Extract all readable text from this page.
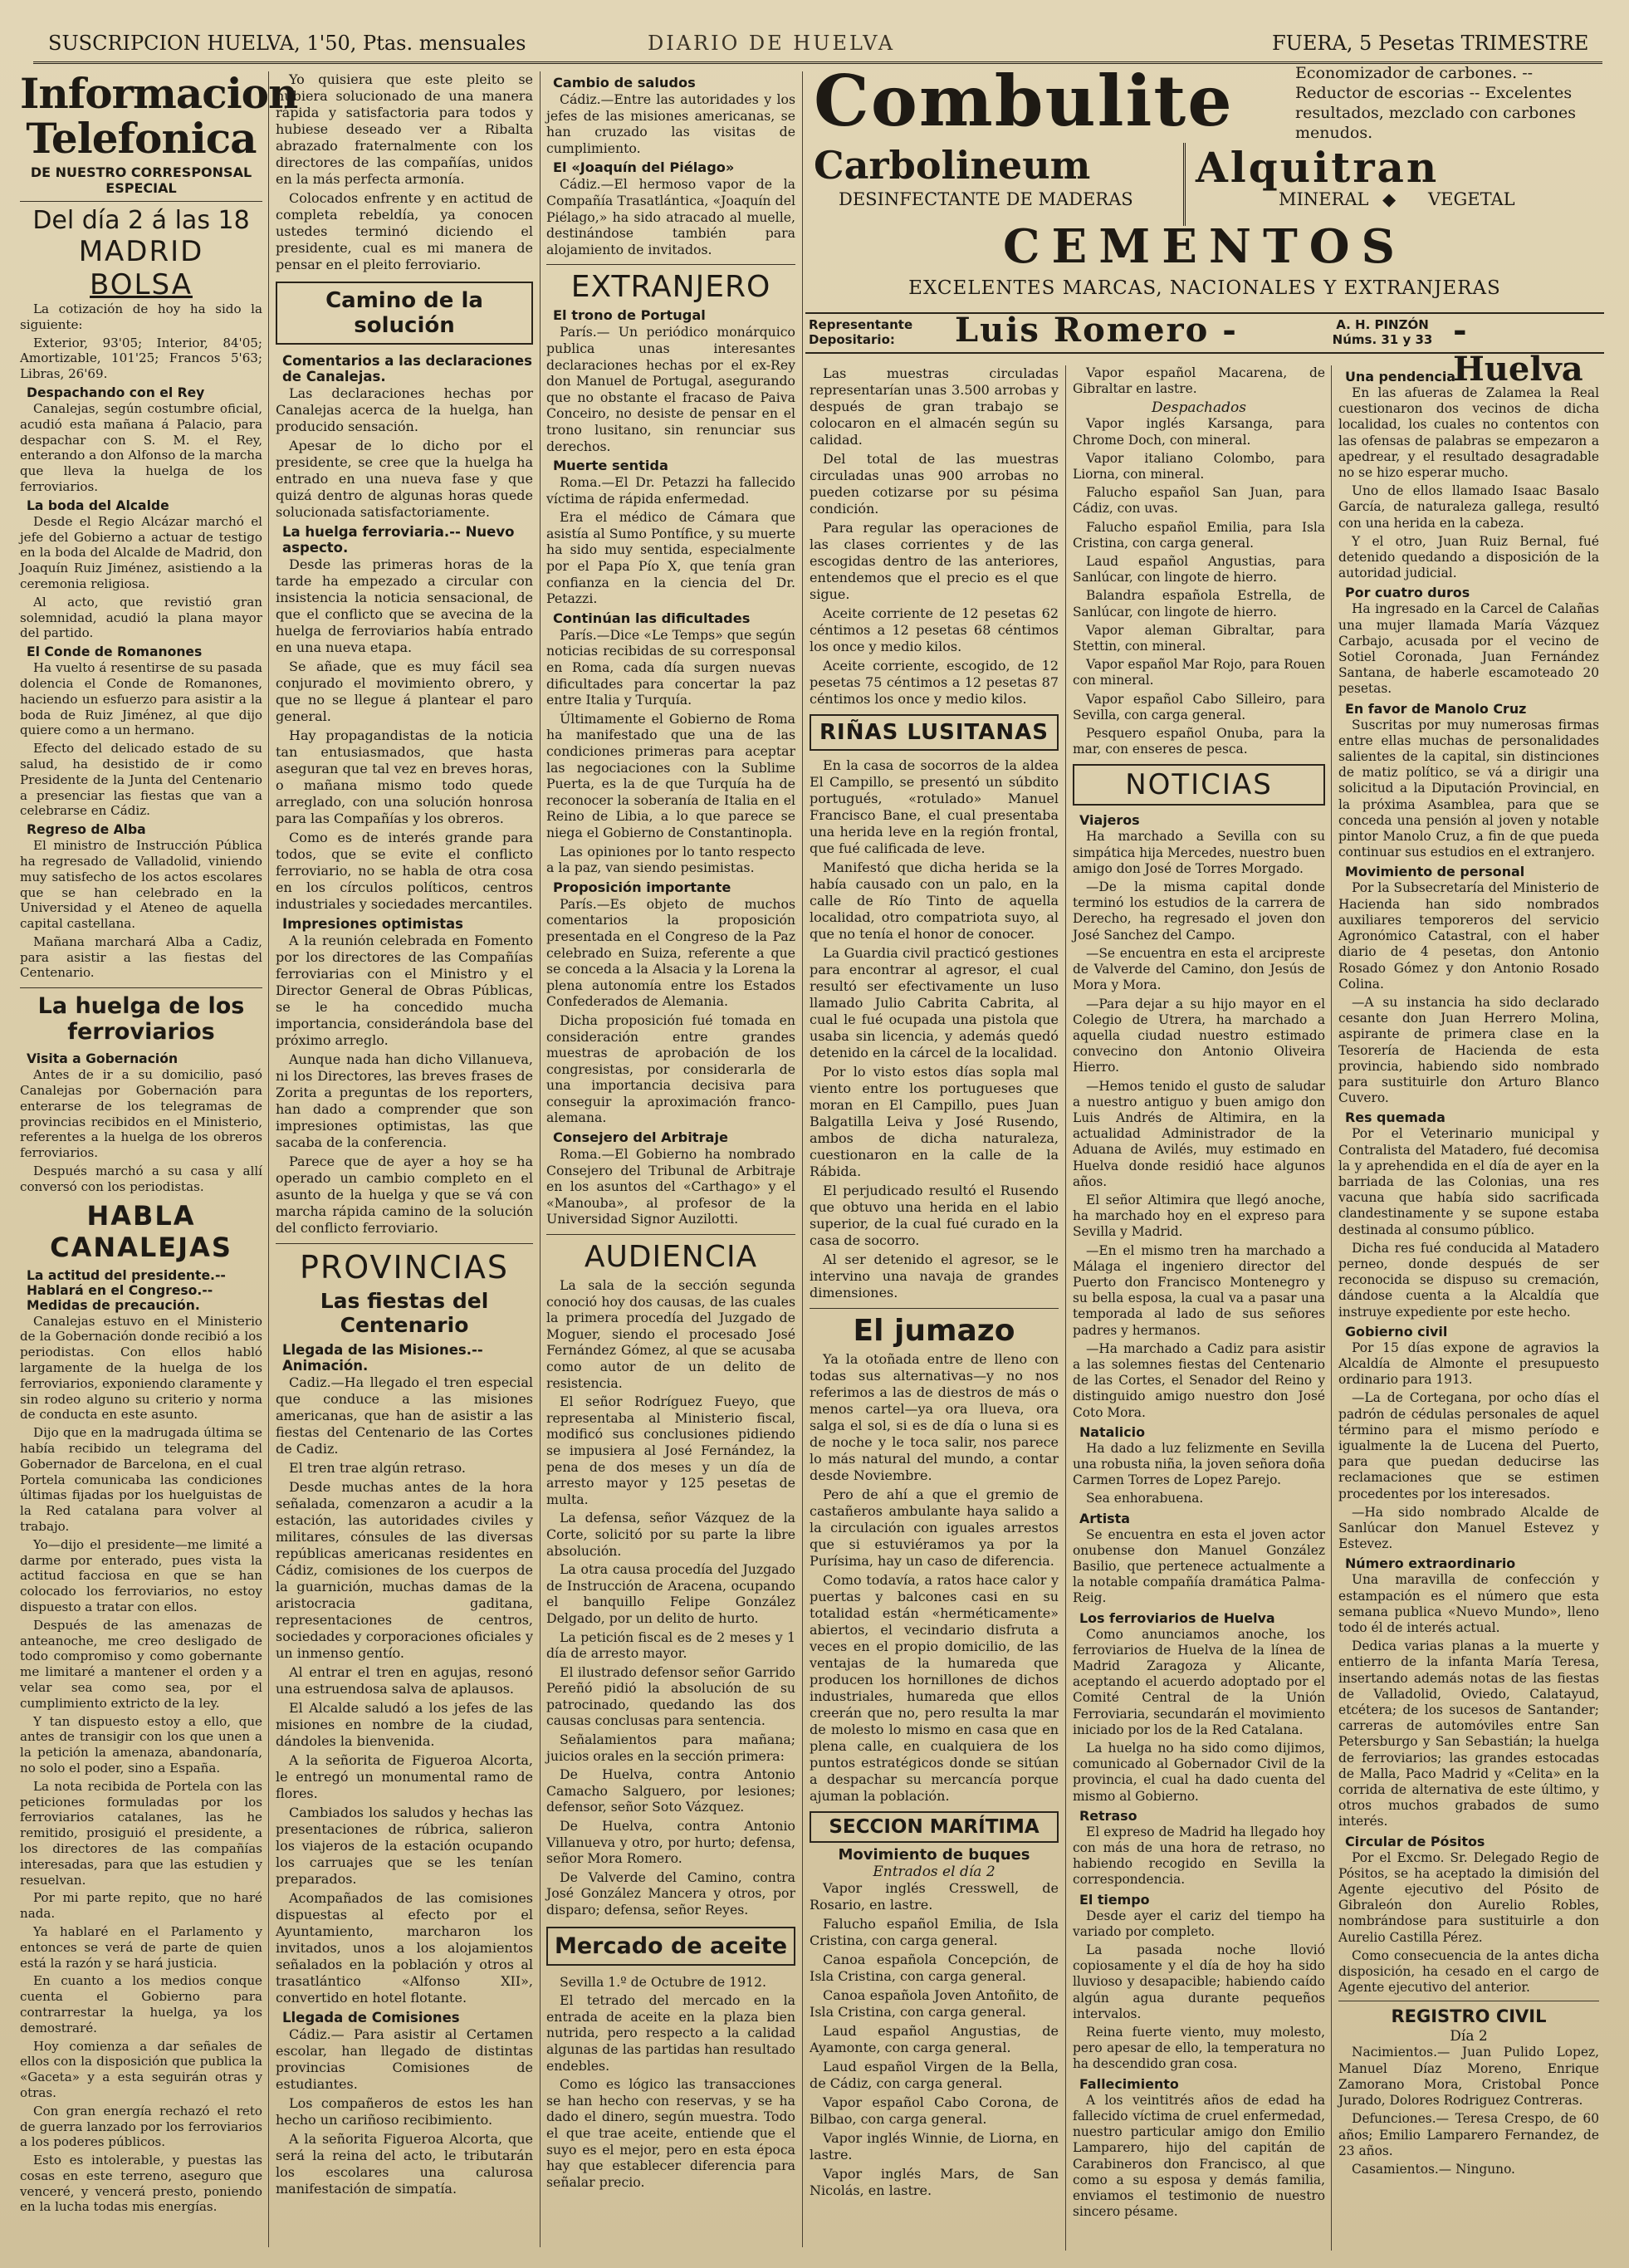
SUSCRIPCION HUELVA, 1'50, Ptas. mensuales	DIARIO DE HUELVA	FUERA, 5 Pesetas TRIMESTRE
Informacion Telefonica
DE NUESTRO CORRESPONSAL ESPECIAL
Del día 2 á las 18
MADRID
BOLSA

La cotización de hoy ha sido la siguiente:

Exterior, 93'05; Interior, 84'05; Amortizable, 101'25; Francos 5'63; Libras, 26'69.

Despachando con el Rey

Canalejas, según costumbre oficial, acudió esta mañana á Palacio, para despachar con S. M. el Rey, enterando a don Alfonso de la marcha que lleva la huelga de los ferroviarios.

La boda del Alcalde

Desde el Regio Alcázar marchó el jefe del Gobierno a actuar de testigo en la boda del Alcalde de Madrid, don Joaquín Ruiz Jiménez, asistiendo a la ceremonia religiosa.

Al acto, que revistió gran solemnidad, acudió la plana mayor del partido.

El Conde de Romanones

Ha vuelto á resentirse de su pasada dolencia el Conde de Romanones, haciendo un esfuerzo para asistir a la boda de Ruiz Jiménez, al que dijo quiere como a un hermano.

Efecto del delicado estado de su salud, ha desistido de ir como Presidente de la Junta del Centenario a presenciar las fiestas que van a celebrarse en Cádiz.

Regreso de Alba

El ministro de Instrucción Pública ha regresado de Valladolid, viniendo muy satisfecho de los actos escolares que se han celebrado en la Universidad y el Ateneo de aquella capital castellana.

Mañana marchará Alba a Cadiz, para asistir a las fiestas del Centenario.

La huelga de los ferroviarios
Visita a Gobernación

Antes de ir a su domicilio, pasó Canalejas por Gobernación para enterarse de los telegramas de provincias recibidos en el Ministerio, referentes a la huelga de los obreros ferroviarios.

Después marchó a su casa y allí conversó con los periodistas.

HABLA CANALEJAS
La actitud del presidente.-- Hablará en el Congreso.-- Medidas de precaución.

Canalejas estuvo en el Ministerio de la Gobernación donde recibió a los periodistas. Con ellos habló largamente de la huelga de los ferroviarios, exponiendo claramente y sin rodeo alguno su criterio y norma de conducta en este asunto.

Dijo que en la madrugada última se había recibido un telegrama del Gobernador de Barcelona, en el cual Portela comunicaba las condiciones últimas fijadas por los huelguistas de la Red catalana para volver al trabajo.

Yo—dijo el presidente—me limité a darme por enterado, pues vista la actitud facciosa en que se han colocado los ferroviarios, no estoy dispuesto a tratar con ellos.

Después de las amenazas de anteanoche, me creo desligado de todo compromiso y como gobernante me limitaré a mantener el orden y a velar sea como sea, por el cumplimiento extricto de la ley.

Y tan dispuesto estoy a ello, que antes de transigir con los que unen a la petición la amenaza, abandonaría, no solo el poder, sino a España.

La nota recibida de Portela con las peticiones formuladas por los ferroviarios catalanes, las he remitido, prosiguió el presidente, a los directores de las compañías interesadas, para que las estudien y resuelvan.

Por mi parte repito, que no haré nada.

Ya hablaré en el Parlamento y entonces se verá de parte de quien está la razón y se hará justicia.

En cuanto a los medios conque cuenta el Gobierno para contrarrestar la huelga, ya los demostraré.

Hoy comienza a dar señales de ellos con la disposición que publica la «Gaceta» y a esta seguirán otras y otras.

Con gran energía rechazó el reto de guerra lanzado por los ferroviarios a los poderes públicos.

Esto es intolerable, y puestas las cosas en este terreno, aseguro que venceré, y vencerá presto, poniendo en la lucha todas mis energías.

Yo quisiera que este pleito se hubiera solucionado de una manera rápida y satisfactoria para todos y hubiese deseado ver a Ribalta abrazado fraternalmente con los directores de las compañías, unidos en la más perfecta armonía.

Colocados enfrente y en actitud de completa rebeldía, ya conocen ustedes terminó diciendo el presidente, cual es mi manera de pensar en el pleito ferroviario.

Camino de la solución
Comentarios a las declaraciones de Canalejas.

Las declaraciones hechas por Canalejas acerca de la huelga, han producido sensación.

Apesar de lo dicho por el presidente, se cree que la huelga ha entrado en una nueva fase y que quizá dentro de algunas horas quede solucionada satisfactoriamente.

La huelga ferroviaria.-- Nuevo aspecto.

Desde las primeras horas de la tarde ha empezado a circular con insistencia la noticia sensacional, de que el conflicto que se avecina de la huelga de ferroviarios había entrado en una nueva etapa.

Se añade, que es muy fácil sea conjurado el movimiento obrero, y que no se llegue á plantear el paro general.

Hay propagandistas de la noticia tan entusiasmados, que hasta aseguran que tal vez en breves horas, o mañana mismo todo quede arreglado, con una solución honrosa para las Compañías y los obreros.

Como es de interés grande para todos, que se evite el conflicto ferroviario, no se habla de otra cosa en los círculos políticos, centros industriales y sociedades mercantiles.

Impresiones optimistas

A la reunión celebrada en Fomento por los directores de las Compañías ferroviarias con el Ministro y el Director General de Obras Públicas, se le ha concedido mucha importancia, considerándola base del próximo arreglo.

Aunque nada han dicho Villanueva, ni los Directores, las breves frases de Zorita a preguntas de los reporters, han dado a comprender que son impresiones optimistas, las que sacaba de la conferencia.

Parece que de ayer a hoy se ha operado un cambio completo en el asunto de la huelga y que se vá con marcha rápida camino de la solución del conflicto ferroviario.

PROVINCIAS
Las fiestas del Centenario
Llegada de las Misiones.-- Animación.

Cadiz.—Ha llegado el tren especial que conduce a las misiones americanas, que han de asistir a las fiestas del Centenario de las Cortes de Cadiz.

El tren trae algún retraso.

Desde muchas antes de la hora señalada, comenzaron a acudir a la estación, las autoridades civiles y militares, cónsules de las diversas repúblicas americanas residentes en Cádiz, comisiones de los cuerpos de la guarnición, muchas damas de la aristocracia gaditana, representaciones de centros, sociedades y corporaciones oficiales y un inmenso gentío.

Al entrar el tren en agujas, resonó una estruendosa salva de aplausos.

El Alcalde saludó a los jefes de las misiones en nombre de la ciudad, dándoles la bienvenida.

A la señorita de Figueroa Alcorta, le entregó un monumental ramo de flores.

Cambiados los saludos y hechas las presentaciones de rúbrica, salieron los viajeros de la estación ocupando los carruajes que se les tenían preparados.

Acompañados de las comisiones dispuestas al efecto por el Ayuntamiento, marcharon los invitados, unos a los alojamientos señalados en la población y otros al trasatlántico «Alfonso XII», convertido en hotel flotante.

Llegada de Comisiones

Cádiz.— Para asistir al Certamen escolar, han llegado de distintas provincias Comisiones de estudiantes.

Los compañeros de estos les han hecho un cariñoso recibimiento.

A la señorita Figueroa Alcorta, que será la reina del acto, le tributarán los escolares una calurosa manifestación de simpatía.

Cambio de saludos

Cádiz.—Entre las autoridades y los jefes de las misiones americanas, se han cruzado las visitas de cumplimiento.

El «Joaquín del Piélago»

Cádiz.—El hermoso vapor de la Compañía Trasatlántica, «Joaquín del Piélago,» ha sido atracado al muelle, destinándose también para alojamiento de invitados.

EXTRANJERO
El trono de Portugal

París.— Un periódico monárquico publica unas interesantes declaraciones hechas por el ex-Rey don Manuel de Portugal, asegurando que no obstante el fracaso de Paiva Conceiro, no desiste de pensar en el trono lusitano, sin renunciar sus derechos.

Muerte sentida

Roma.—El Dr. Petazzi ha fallecido víctima de rápida enfermedad.

Era el médico de Cámara que asistía al Sumo Pontífice, y su muerte ha sido muy sentida, especialmente por el Papa Pío X, que tenía gran confianza en la ciencia del Dr. Petazzi.

Continúan las dificultades

París.—Dice «Le Temps» que según noticias recibidas de su corresponsal en Roma, cada día surgen nuevas dificultades para concertar la paz entre Italia y Turquía.

Últimamente el Gobierno de Roma ha manifestado que una de las condiciones primeras para aceptar las negociaciones con la Sublime Puerta, es la de que Turquía ha de reconocer la soberanía de Italia en el Reino de Libia, a lo que parece se niega el Gobierno de Constantinopla.

Las opiniones por lo tanto respecto a la paz, van siendo pesimistas.

Proposición importante

París.—Es objeto de muchos comentarios la proposición presentada en el Congreso de la Paz celebrado en Suiza, referente a que se conceda a la Alsacia y la Lorena la plena autonomía entre los Estados Confederados de Alemania.

Dicha proposición fué tomada en consideración entre grandes muestras de aprobación de los congresistas, por considerarla de una importancia decisiva para conseguir la aproximación franco-alemana.

Consejero del Arbitraje

Roma.—El Gobierno ha nombrado Consejero del Tribunal de Arbitraje en los asuntos del «Carthago» y el «Manouba», al profesor de la Universidad Signor Auzilotti.

AUDIENCIA

La sala de la sección segunda conoció hoy dos causas, de las cuales la primera procedía del Juzgado de Moguer, siendo el procesado José Fernández Gómez, al que se acusaba como autor de un delito de resistencia.

El señor Rodríguez Fueyo, que representaba al Ministerio fiscal, modificó sus conclusiones pidiendo se impusiera al José Fernández, la pena de dos meses y un día de arresto mayor y 125 pesetas de multa.

La defensa, señor Vázquez de la Corte, solicitó por su parte la libre absolución.

La otra causa procedía del Juzgado de Instrucción de Aracena, ocupando el banquillo Felipe González Delgado, por un delito de hurto.

La petición fiscal es de 2 meses y 1 día de arresto mayor.

El ilustrado defensor señor Garrido Pereñó pidió la absolución de su patrocinado, quedando las dos causas conclusas para sentencia.

Señalamientos para mañana; juicios orales en la sección primera:

De Huelva, contra Antonio Camacho Salguero, por lesiones; defensor, señor Soto Vázquez.

De Huelva, contra Antonio Villanueva y otro, por hurto; defensa, señor Mora Romero.

De Valverde del Camino, contra José González Mancera y otros, por disparo; defensa, señor Reyes.

Mercado de aceite

Sevilla 1.º de Octubre de 1912.

El tetrado del mercado en la entrada de aceite en la plaza bien nutrida, pero respecto a la calidad algunas de las partidas han resultado endebles.

Como es lógico las transacciones se han hecho con reservas, y se ha dado el dinero, según muestra. Todo el que trae aceite, entiende que el suyo es el mejor, pero en esta época hay que establecer diferencia para señalar precio.

Combulite	Economizador de carbones. -- Reductor de escorias -- Excelentes resultados, mezclado con carbones menudos.
Carbolineum
DESINFECTANTE DE MADERAS
Alquitran
MINERAL ◆ VEGETAL
CEMENTOS
EXCELENTES MARCAS, NACIONALES Y EXTRANJERAS
Representante Depositario:	Luis Romero -	A. H. PINZÓN Núms. 31 y 33 - Huelva

Las muestras circuladas representarían unas 3.500 arrobas y después de gran trabajo se colocaron en el almacén según su calidad.

Del total de las muestras circuladas unas 900 arrobas no pueden cotizarse por su pésima condición.

Para regular las operaciones de las clases corrientes y de las escogidas dentro de las anteriores, entendemos que el precio es el que sigue.

Aceite corriente de 12 pesetas 62 céntimos a 12 pesetas 68 céntimos los once y medio kilos.

Aceite corriente, escogido, de 12 pesetas 75 céntimos a 12 pesetas 87 céntimos los once y medio kilos.

RIÑAS LUSITANAS

En la casa de socorros de la aldea El Campillo, se presentó un súbdito portugués, «rotulado» Manuel Francisco Bane, el cual presentaba una herida leve en la región frontal, que fué calificada de leve.

Manifestó que dicha herida se la había causado con un palo, en la calle de Río Tinto de aquella localidad, otro compatriota suyo, al que no tenía el honor de conocer.

La Guardia civil practicó gestiones para encontrar al agresor, el cual resultó ser efectivamente un luso llamado Julio Cabrita Cabrita, al cual le fué ocupada una pistola que usaba sin licencia, y además quedó detenido en la cárcel de la localidad.

Por lo visto estos días sopla mal viento entre los portugueses que moran en El Campillo, pues Juan Balgatilla Leiva y José Rusendo, ambos de dicha naturaleza, cuestionaron en la calle de la Rábida.

El perjudicado resultó el Rusendo que obtuvo una herida en el labio superior, de la cual fué curado en la casa de socorro.

Al ser detenido el agresor, se le intervino una navaja de grandes dimensiones.

El jumazo

Ya la otoñada entre de lleno con todas sus alternativas—y no nos referimos a las de diestros de más o menos cartel—ya ora llueva, ora salga el sol, si es de día o luna si es de noche y le toca salir, nos parece lo más natural del mundo, a contar desde Noviembre.

Pero de ahí a que el gremio de castañeros ambulante haya salido a la circulación con iguales arrestos que si estuviéramos ya por la Purísima, hay un caso de diferencia.

Como todavía, a ratos hace calor y puertas y balcones casi en su totalidad están «herméticamente» abiertos, el vecindario disfruta a veces en el propio domicilio, de las ventajas de la humareda que producen los hornillones de dichos industriales, humareda que ellos creerán que no, pero resulta la mar de molesto lo mismo en casa que en plena calle, en cualquiera de los puntos estratégicos donde se sitúan a despachar su mercancía porque ajuman la población.

SECCION MARÍTIMA
Movimiento de buques
Entrados el día 2

Vapor inglés Cresswell, de Rosario, en lastre.

Falucho español Emilia, de Isla Cristina, con carga general.

Canoa española Concepción, de Isla Cristina, con carga general.

Canoa española Joven Antoñito, de Isla Cristina, con carga general.

Laud español Angustias, de Ayamonte, con carga general.

Laud español Virgen de la Bella, de Cádiz, con carga general.

Vapor español Cabo Corona, de Bilbao, con carga general.

Vapor inglés Winnie, de Liorna, en lastre.

Vapor inglés Mars, de San Nicolás, en lastre.

Vapor español Macarena, de Gibraltar en lastre.

Despachados

Vapor inglés Karsanga, para Chrome Doch, con mineral.

Vapor italiano Colombo, para Liorna, con mineral.

Falucho español San Juan, para Cádiz, con uvas.

Falucho español Emilia, para Isla Cristina, con carga general.

Laud español Angustias, para Sanlúcar, con lingote de hierro.

Balandra española Estrella, de Sanlúcar, con lingote de hierro.

Vapor aleman Gibraltar, para Stettin, con mineral.

Vapor español Mar Rojo, para Rouen con mineral.

Vapor español Cabo Silleiro, para Sevilla, con carga general.

Pesquero español Onuba, para la mar, con enseres de pesca.

NOTICIAS
Viajeros

Ha marchado a Sevilla con su simpática hija Mercedes, nuestro buen amigo don José de Torres Morgado.

—De la misma capital donde terminó los estudios de la carrera de Derecho, ha regresado el joven don José Sanchez del Campo.

—Se encuentra en esta el arcipreste de Valverde del Camino, don Jesús de Mora y Mora.

—Para dejar a su hijo mayor en el Colegio de Utrera, ha marchado a aquella ciudad nuestro estimado convecino don Antonio Oliveira Hierro.

—Hemos tenido el gusto de saludar a nuestro antiguo y buen amigo don Luis Andrés de Altimira, en la actualidad Administrador de la Aduana de Avilés, muy estimado en Huelva donde residió hace algunos años.

El señor Altimira que llegó anoche, ha marchado hoy en el expreso para Sevilla y Madrid.

—En el mismo tren ha marchado a Málaga el ingeniero director del Puerto don Francisco Montenegro y su bella esposa, la cual va a pasar una temporada al lado de sus señores padres y hermanos.

—Ha marchado a Cadiz para asistir a las solemnes fiestas del Centenario de las Cortes, el Senador del Reino y distinguido amigo nuestro don José Coto Mora.

Natalicio

Ha dado a luz felizmente en Sevilla una robusta niña, la joven señora doña Carmen Torres de Lopez Parejo.

Sea enhorabuena.

Artista

Se encuentra en esta el joven actor onubense don Manuel González Basilio, que pertenece actualmente a la notable compañía dramática Palma-Reig.

Los ferroviarios de Huelva

Como anunciamos anoche, los ferroviarios de Huelva de la línea de Madrid Zaragoza y Alicante, aceptando el acuerdo adoptado por el Comité Central de la Unión Ferroviaria, secundarán el movimiento iniciado por los de la Red Catalana.

La huelga no ha sido como dijimos, comunicado al Gobernador Civil de la provincia, el cual ha dado cuenta del mismo al Gobierno.

Retraso

El expreso de Madrid ha llegado hoy con más de una hora de retraso, no habiendo recogido en Sevilla la correspondencia.

El tiempo

Desde ayer el cariz del tiempo ha variado por completo.

La pasada noche llovió copiosamente y el día de hoy ha sido lluvioso y desapacible; habiendo caído algún agua durante pequeños intervalos.

Reina fuerte viento, muy molesto, pero apesar de ello, la temperatura no ha descendido gran cosa.

Fallecimiento

A los veintitrés años de edad ha fallecido víctima de cruel enfermedad, nuestro particular amigo don Emilio Lamparero, hijo del capitán de Carabineros don Francisco, al que como a su esposa y demás familia, enviamos el testimonio de nuestro sincero pésame.

Una pendencia

En las afueras de Zalamea la Real cuestionaron dos vecinos de dicha localidad, los cuales no contentos con las ofensas de palabras se empezaron a apedrear, y el resultado desagradable no se hizo esperar mucho.

Uno de ellos llamado Isaac Basalo García, de naturaleza gallega, resultó con una herida en la cabeza.

Y el otro, Juan Ruiz Bernal, fué detenido quedando a disposición de la autoridad judicial.

Por cuatro duros

Ha ingresado en la Carcel de Calañas una mujer llamada María Vázquez Carbajo, acusada por el vecino de Sotiel Coronada, Juan Fernández Santana, de haberle escamoteado 20 pesetas.

En favor de Manolo Cruz

Suscritas por muy numerosas firmas entre ellas muchas de personalidades salientes de la capital, sin distinciones de matiz político, se vá a dirigir una solicitud a la Diputación Provincial, en la próxima Asamblea, para que se conceda una pensión al joven y notable pintor Manolo Cruz, a fin de que pueda continuar sus estudios en el extranjero.

Movimiento de personal

Por la Subsecretaría del Ministerio de Hacienda han sido nombrados auxiliares temporeros del servicio Agronómico Catastral, con el haber diario de 4 pesetas, don Antonio Rosado Gómez y don Antonio Rosado Colina.

—A su instancia ha sido declarado cesante don Juan Herrero Molina, aspirante de primera clase en la Tesorería de Hacienda de esta provincia, habiendo sido nombrado para sustituirle don Arturo Blanco Cuvero.

Res quemada

Por el Veterinario municipal y Contralista del Matadero, fué decomisa la y aprehendida en el día de ayer en la barriada de las Colonias, una res vacuna que había sido sacrificada clandestinamente y se supone estaba destinada al consumo público.

Dicha res fué conducida al Matadero perneo, donde después de ser reconocida se dispuso su cremación, dándose cuenta a la Alcaldía que instruye expediente por este hecho.

Gobierno civil

Por 15 días expone de agravios la Alcaldía de Almonte el presupuesto ordinario para 1913.

—La de Cortegana, por ocho días el padrón de cédulas personales de aquel término para el mismo período e igualmente la de Lucena del Puerto, para que puedan deducirse las reclamaciones que se estimen procedentes por los interesados.

—Ha sido nombrado Alcalde de Sanlúcar don Manuel Estevez y Estevez.

Número extraordinario

Una maravilla de confección y estampación es el número que esta semana publica «Nuevo Mundo», lleno todo él de interés actual.

Dedica varias planas a la muerte y entierro de la infanta María Teresa, insertando además notas de las fiestas de Valladolid, Oviedo, Calatayud, etcétera; de los sucesos de Santander; carreras de automóviles entre San Petersburgo y San Sebastián; la huelga de ferroviarios; las grandes estocadas de Malla, Paco Madrid y «Celita» en la corrida de alternativa de este último, y otros muchos grabados de sumo interés.

Circular de Pósitos

Por el Excmo. Sr. Delegado Regio de Pósitos, se ha aceptado la dimisión del Agente ejecutivo del Pósito de Gibraleón don Aurelio Robles, nombrándose para sustituirle a don Aurelio Castilla Pérez.

Como consecuencia de la antes dicha disposición, ha cesado en el cargo de Agente ejecutivo del anterior.

REGISTRO CIVIL
Día 2

Nacimientos.— Juan Pulido Lopez, Manuel Díaz Moreno, Enrique Zamorano Mora, Cristobal Ponce Jurado, Dolores Rodriguez Contreras.

Defunciones.— Teresa Crespo, de 60 años; Emilio Lamparero Fernandez, de 23 años.

Casamientos.— Ninguno.
